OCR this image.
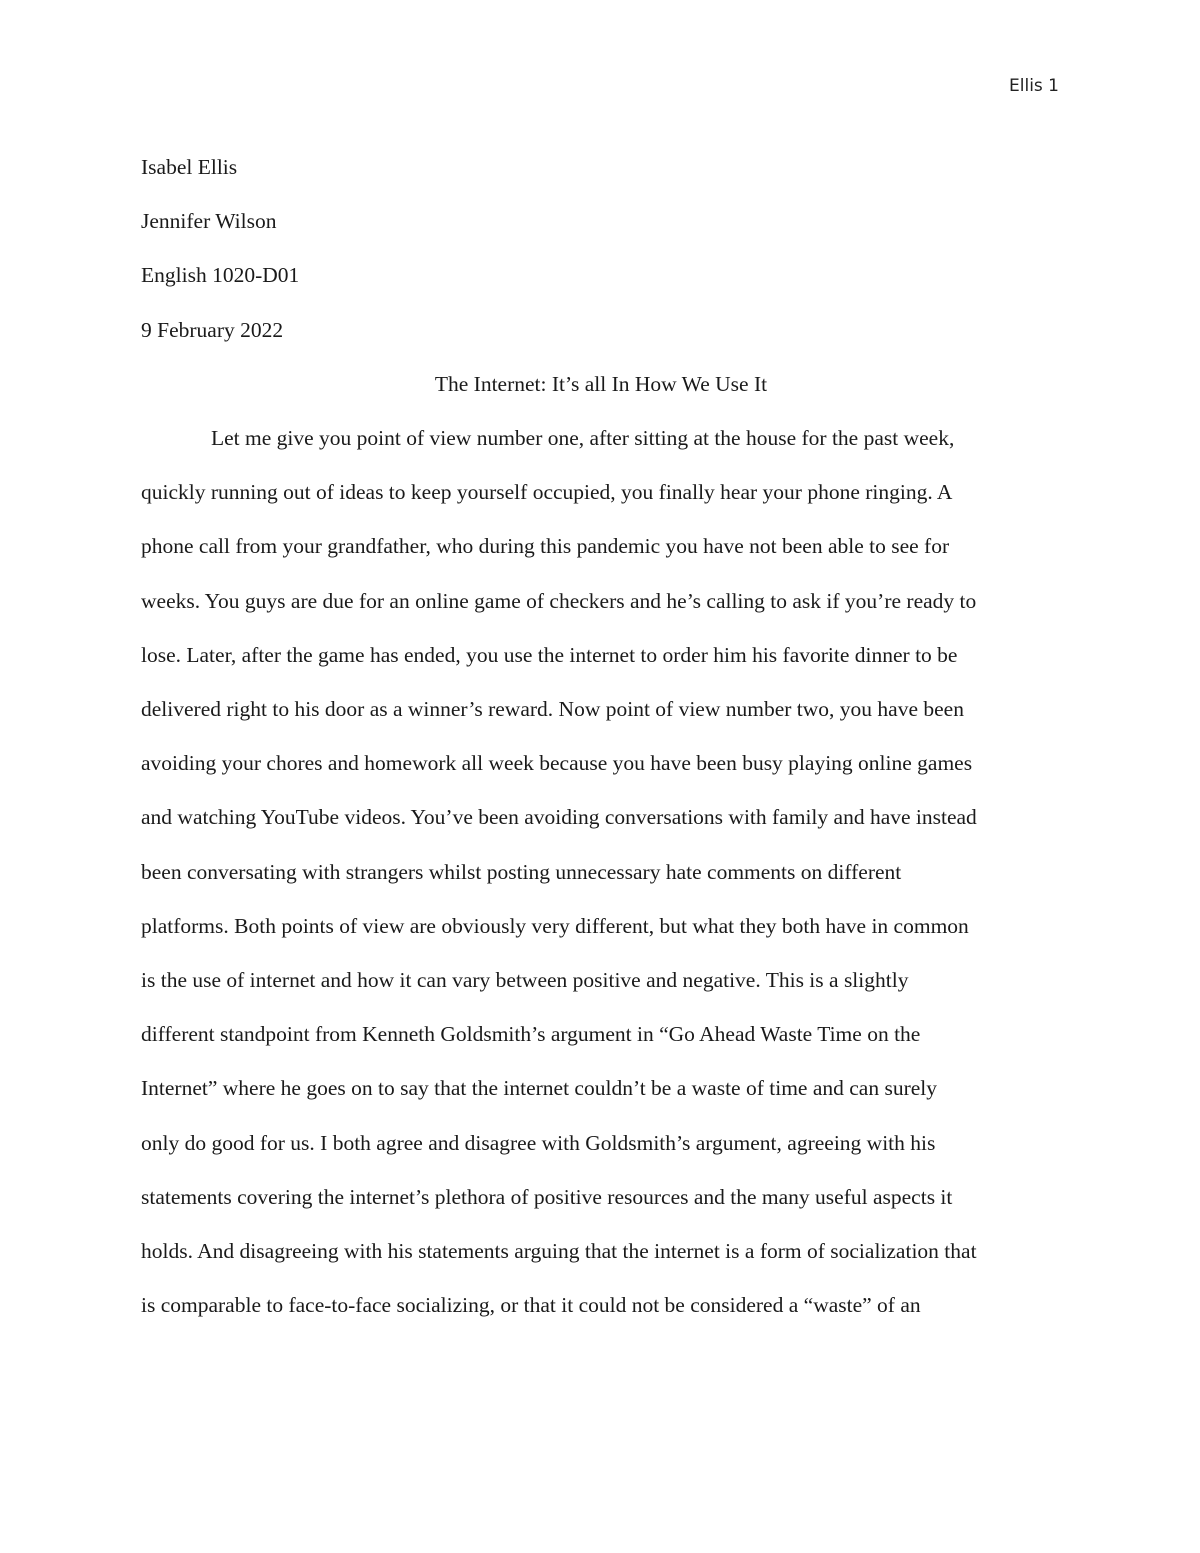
Ellis 1

Isabel Ellis

Jennifer Wilson

English 1020-D01

9 February 2022

The Internet: It’s all In How We Use It

Let me give you point of view number one, after sitting at the house for the past week,
quickly running out of ideas to keep yourself occupied, you finally hear your phone ringing. A
phone call from your grandfather, who during this pandemic you have not been able to see for
weeks. You guys are due for an online game of checkers and he’s calling to ask if you’re ready to
lose. Later, after the game has ended, you use the internet to order him his favorite dinner to be
delivered right to his door as a winner’s reward. Now point of view number two, you have been
avoiding your chores and homework all week because you have been busy playing online games
and watching YouTube videos. You’ve been avoiding conversations with family and have instead
been conversating with strangers whilst posting unnecessary hate comments on different
platforms. Both points of view are obviously very different, but what they both have in common
is the use of internet and how it can vary between positive and negative. This is a slightly
different standpoint from Kenneth Goldsmith’s argument in “Go Ahead Waste Time on the
Internet” where he goes on to say that the internet couldn’t be a waste of time and can surely
only do good for us. I both agree and disagree with Goldsmith’s argument, agreeing with his
statements covering the internet’s plethora of positive resources and the many useful aspects it
holds. And disagreeing with his statements arguing that the internet is a form of socialization that
is comparable to face-to-face socializing, or that it could not be considered a “waste” of an
